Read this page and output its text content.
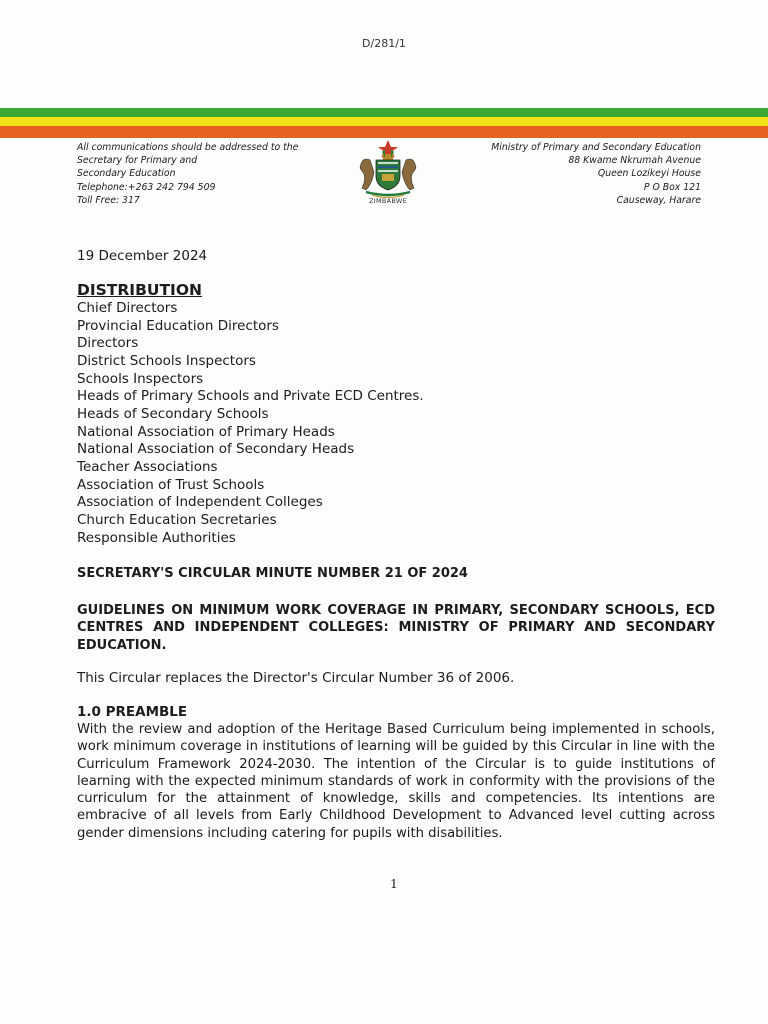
D/281/1
All communications should be addressed to the
Secretary for Primary and
Secondary Education
Telephone:+263 242 794 509
Toll Free: 317	ZIMBABWE
Ministry of Primary and Secondary Education
88 Kwame Nkrumah Avenue
Queen Lozikeyi House
P O Box 121
Causeway, Harare
19 December 2024
DISTRIBUTION
Chief Directors
Provincial Education Directors
Directors
District Schools Inspectors
Schools Inspectors
Heads of Primary Schools and Private ECD Centres.
Heads of Secondary Schools
National Association of Primary Heads
National Association of Secondary Heads
Teacher Associations
Association of Trust Schools
Association of Independent Colleges
Church Education Secretaries
Responsible Authorities
SECRETARY'S CIRCULAR MINUTE NUMBER 21 OF 2024
GUIDELINES ON MINIMUM WORK COVERAGE IN PRIMARY, SECONDARY SCHOOLS, ECD CENTRES AND INDEPENDENT COLLEGES: MINISTRY OF PRIMARY AND SECONDARY EDUCATION.
This Circular replaces the Director's Circular Number 36 of 2006.
1.0 PREAMBLE
With the review and adoption of the Heritage Based Curriculum being implemented in schools, work minimum coverage in institutions of learning will be guided by this Circular in line with the Curriculum Framework 2024-2030. The intention of the Circular is to guide institutions of learning with the expected minimum standards of work in conformity with the provisions of the curriculum for the attainment of knowledge, skills and competencies. Its intentions are embracive of all levels from Early Childhood Development to Advanced level cutting across gender dimensions including catering for pupils with disabilities.
1
